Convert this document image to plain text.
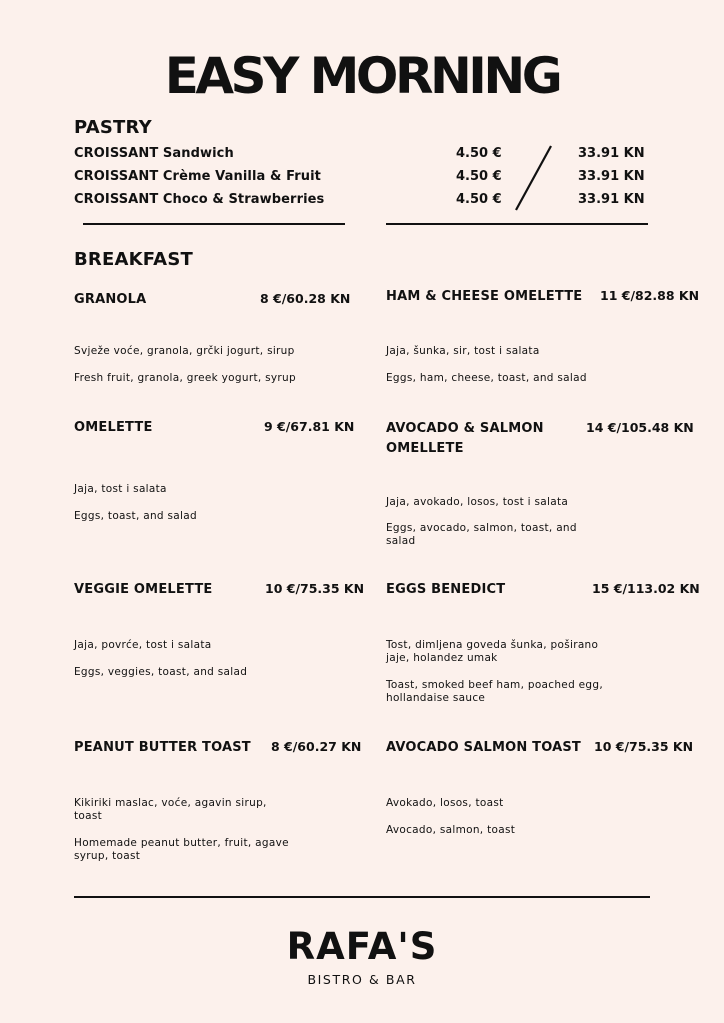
EASY MORNING
PASTRY
CROISSANT Sandwich	4.50 €	33.91 KN
CROISSANT Crème Vanilla & Fruit	4.50 €	33.91 KN
CROISSANT Choco & Strawberries	4.50 €	33.91 KN
BREAKFAST
GRANOLA	8 €/60.28 KN
Svježe voće, granola, grčki jogurt, sirup
Fresh fruit, granola, greek yogurt, syrup
HAM & CHEESE OMELETTE	11 €/82.88 KN
Jaja, šunka, sir, tost i salata
Eggs, ham, cheese, toast, and salad
OMELETTE	9 €/67.81 KN
Jaja, tost i salata
Eggs, toast, and salad
AVOCADO & SALMON OMELLETE
14 €/105.48 KN
Jaja, avokado, losos, tost i salata
Eggs, avocado, salmon, toast, and salad
VEGGIE OMELETTE	10 €/75.35 KN
Jaja, povrće, tost i salata
Eggs, veggies, toast, and salad
EGGS BENEDICT	15 €/113.02 KN
Tost, dimljena goveda šunka, poširano jaje, holandez umak
Toast, smoked beef ham, poached egg, hollandaise sauce
PEANUT BUTTER TOAST	8 €/60.27 KN
Kikiriki maslac, voće, agavin sirup, toast
Homemade peanut butter, fruit, agave syrup, toast
AVOCADO SALMON TOAST	10 €/75.35 KN
Avokado, losos, toast
Avocado, salmon, toast
RAFA'S
BISTRO & BAR
